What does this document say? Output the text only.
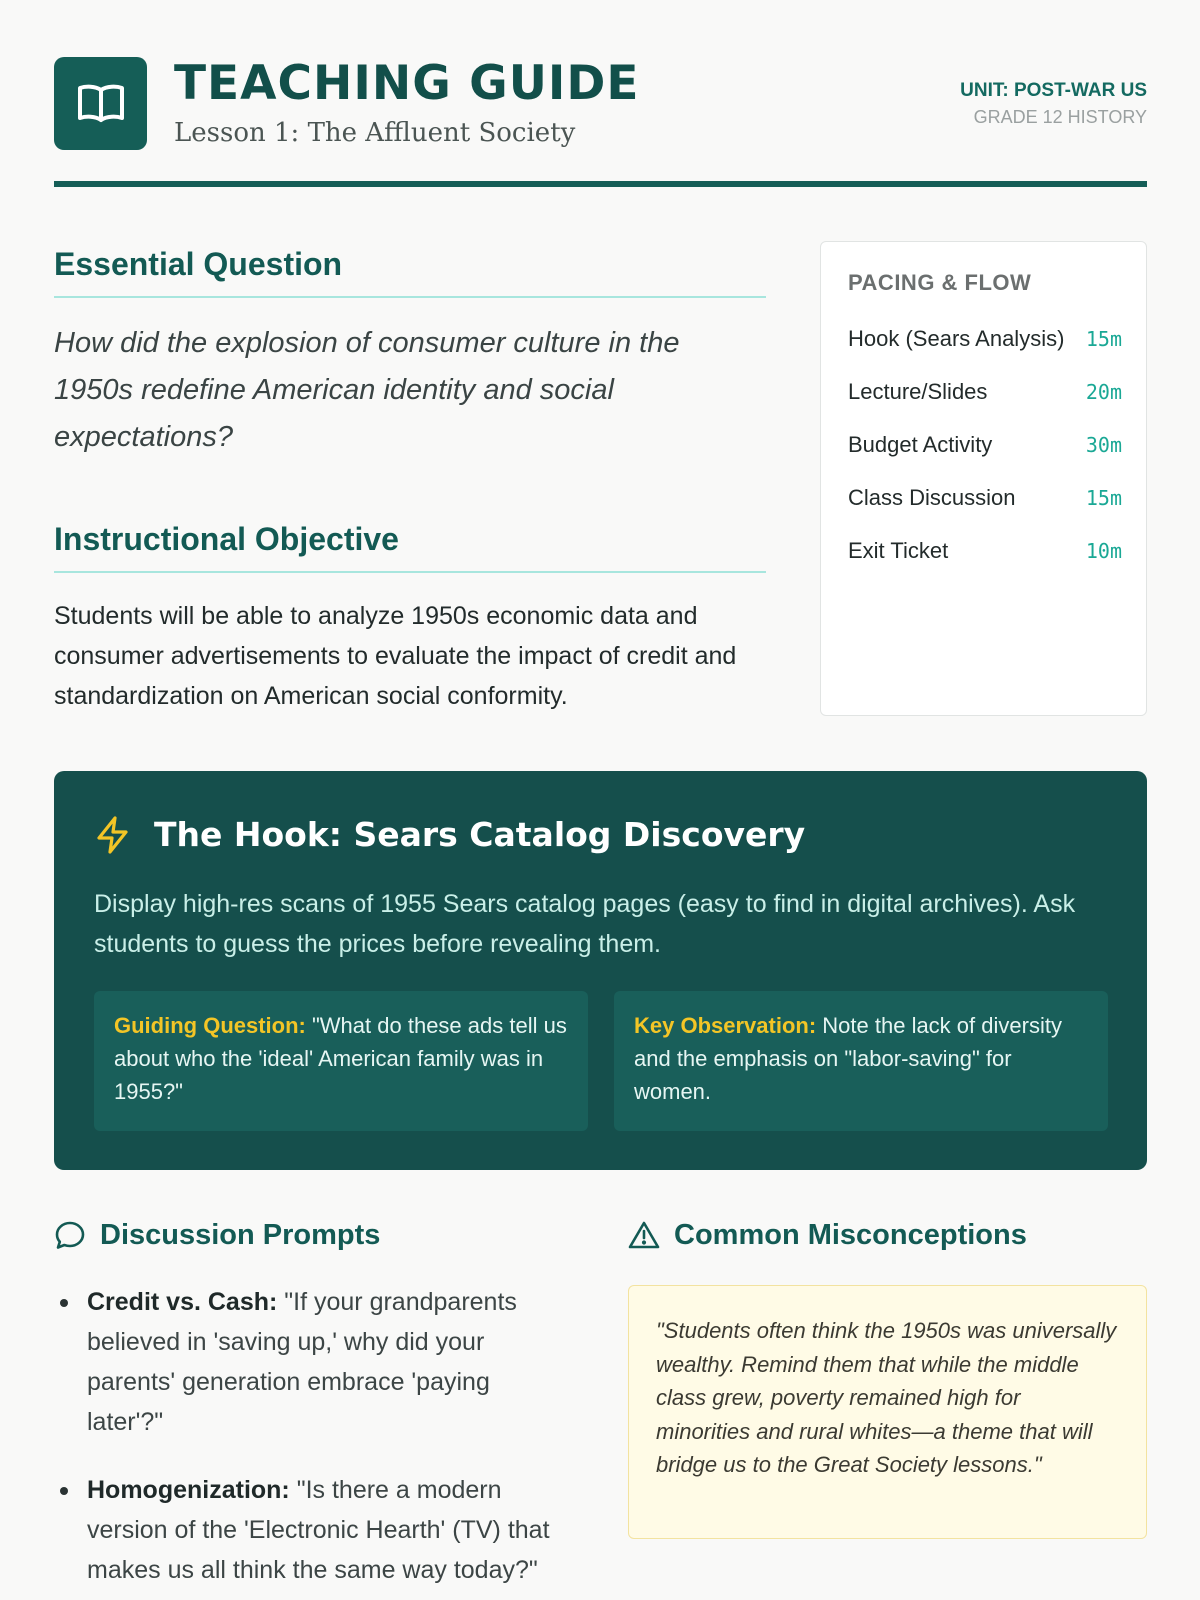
TEACHING GUIDE
Lesson 1: The Affluent Society
UNIT: POST-WAR US
GRADE 12 HISTORY
Essential Question
How did the explosion of consumer culture in the 1950s redefine American identity and social expectations?
Instructional Objective
Students will be able to analyze 1950s economic data and consumer advertisements to evaluate the impact of credit and standardization on American social conformity.
PACING & FLOW
Hook (Sears Analysis) 15m
Lecture/Slides	20m
Budget Activity	30m
Class Discussion	15m
Exit Ticket	10m
The Hook: Sears Catalog Discovery
Display high-res scans of 1955 Sears catalog pages (easy to find in digital archives). Ask students to guess the prices before revealing them.
Guiding Question: "What do these ads tell us about who the 'ideal' American family was in 1955?"
Key Observation: Note the lack of diversity and the emphasis on "labor-saving" for women.
Discussion Prompts
Credit vs. Cash: "If your grandparents believed in 'saving up,' why did your parents' generation embrace 'paying later'?"
Homogenization: "Is there a modern version of the 'Electronic Hearth' (TV) that makes us all think the same way today?"
Common Misconceptions
"Students often think the 1950s was universally wealthy. Remind them that while the middle class grew, poverty remained high for minorities and rural whites—a theme that will bridge us to the Great Society lessons."
